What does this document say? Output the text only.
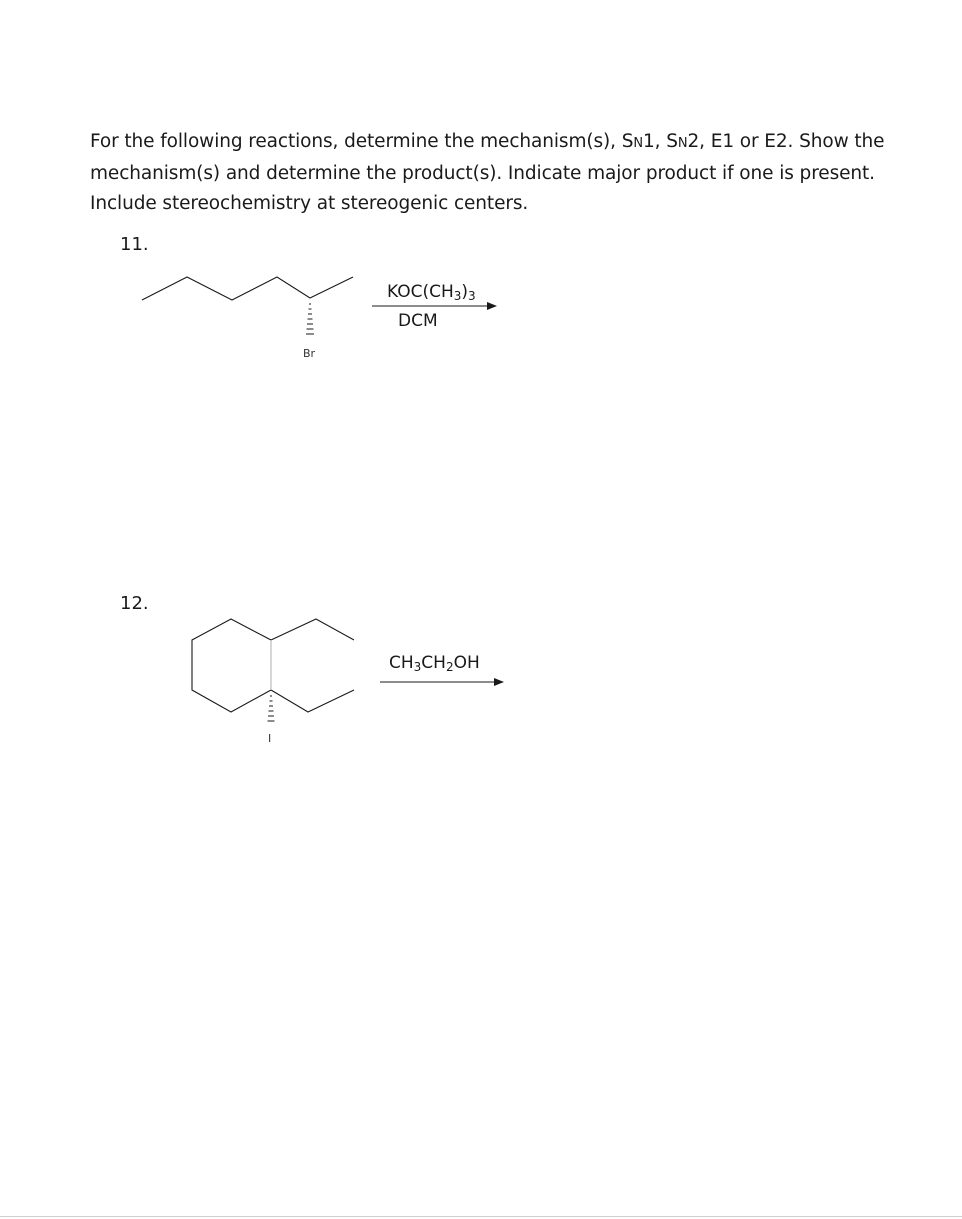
For the following reactions, determine the mechanism(s), SN1, SN2, E1 or E2. Show the mechanism(s) and determine the product(s). Indicate major product if one is present. Include stereochemistry at stereogenic centers.
11.
12.
$KOC(CH_3)_3$
DCM
$CH_3CH_2OH$
Br
I
